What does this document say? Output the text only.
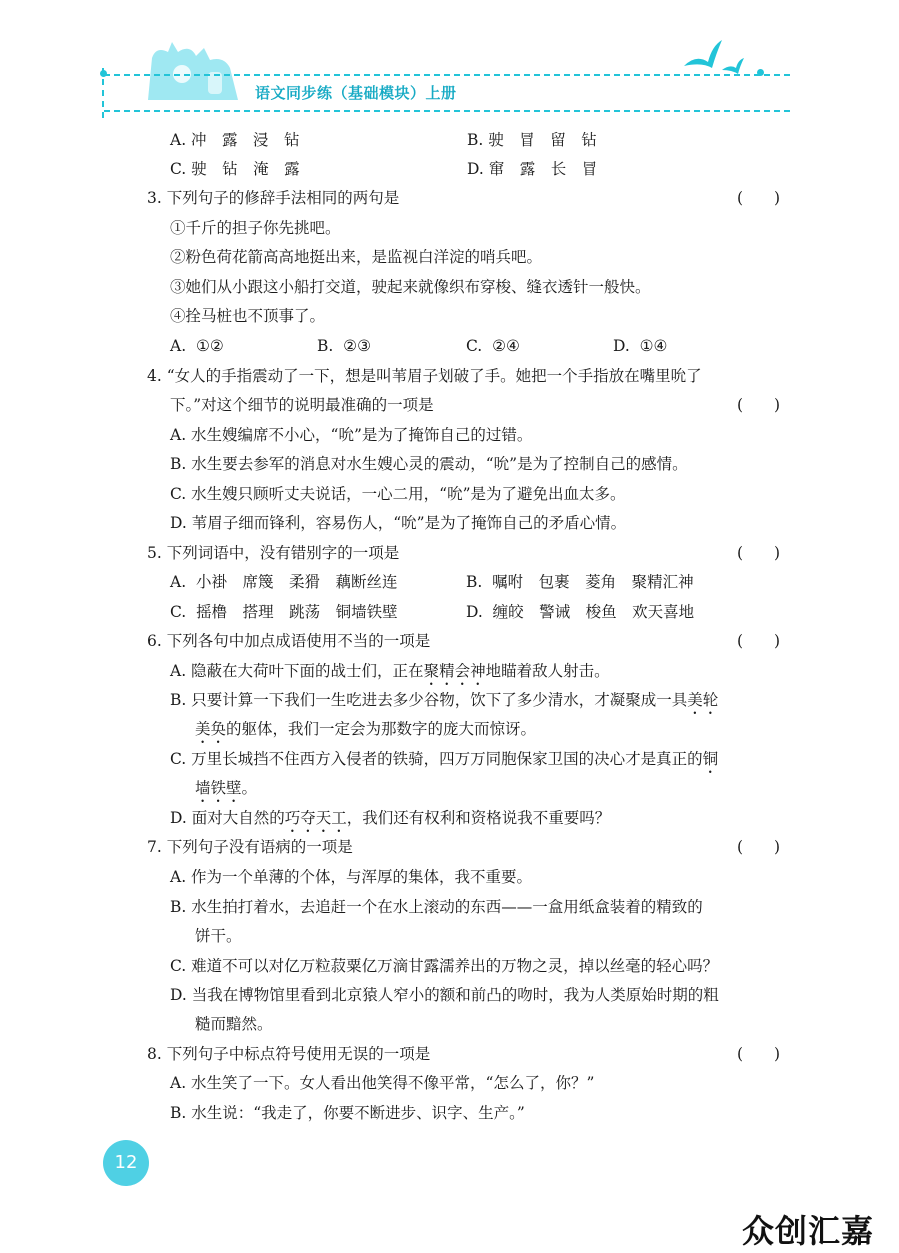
语文同步练（基础模块）上册
A. 冲　露　浸　钻	B. 驶　冒　留　钻
C. 驶　钻　淹　露	D. 窜　露　长　冒
3. 下列句子的修辞手法相同的两句是	(　　)
①千斤的担子你先挑吧。
②粉色荷花箭高高地挺出来，是监视白洋淀的哨兵吧。
③她们从小跟这小船打交道，驶起来就像织布穿梭、缝衣透针一般快。
④拴马桩也不顶事了。
A.  ①②	B.  ②③	C.  ②④	D.  ①④
4. “女人的手指震动了一下，想是叫苇眉子划破了手。她把一个手指放在嘴里吮了
下。”对这个细节的说明最准确的一项是	(　　)
A. 水生嫂编席不小心，“吮”是为了掩饰自己的过错。
B. 水生要去参军的消息对水生嫂心灵的震动，“吮”是为了控制自己的感情。
C. 水生嫂只顾听丈夫说话，一心二用，“吮”是为了避免出血太多。
D. 苇眉子细而锋利，容易伤人，“吮”是为了掩饰自己的矛盾心情。
5. 下列词语中，没有错别字的一项是	(　　)
A.  小褂　席篾　柔猾　藕断丝连	B.  嘱咐　包裹　菱角　聚精汇神
C.  摇橹　搭理　跳荡　铜墙铁壁	D.  缠皎　警诫　梭鱼　欢天喜地
6. 下列各句中加点成语使用不当的一项是	(　　)
A. 隐蔽在大荷叶下面的战士们，正在聚精会神地瞄着敌人射击。
B. 只要计算一下我们一生吃进去多少谷物，饮下了多少清水，才凝聚成一具美轮
美奂的躯体，我们一定会为那数字的庞大而惊讶。
C. 万里长城挡不住西方入侵者的铁骑，四万万同胞保家卫国的决心才是真正的铜
墙铁壁。
D. 面对大自然的巧夺天工，我们还有权利和资格说我不重要吗？
7. 下列句子没有语病的一项是	(　　)
A. 作为一个单薄的个体，与浑厚的集体，我不重要。
B. 水生拍打着水，去追赶一个在水上滚动的东西——一盒用纸盒装着的精致的
饼干。
C. 难道不可以对亿万粒菽粟亿万滴甘露濡养出的万物之灵，掉以丝毫的轻心吗？
D. 当我在博物馆里看到北京猿人窄小的额和前凸的吻时，我为人类原始时期的粗
糙而黯然。
8. 下列句子中标点符号使用无误的一项是	(　　)
A. 水生笑了一下。女人看出他笑得不像平常，“怎么了，你？”
B. 水生说：“我走了，你要不断进步、识字、生产。”
12
众创汇嘉
